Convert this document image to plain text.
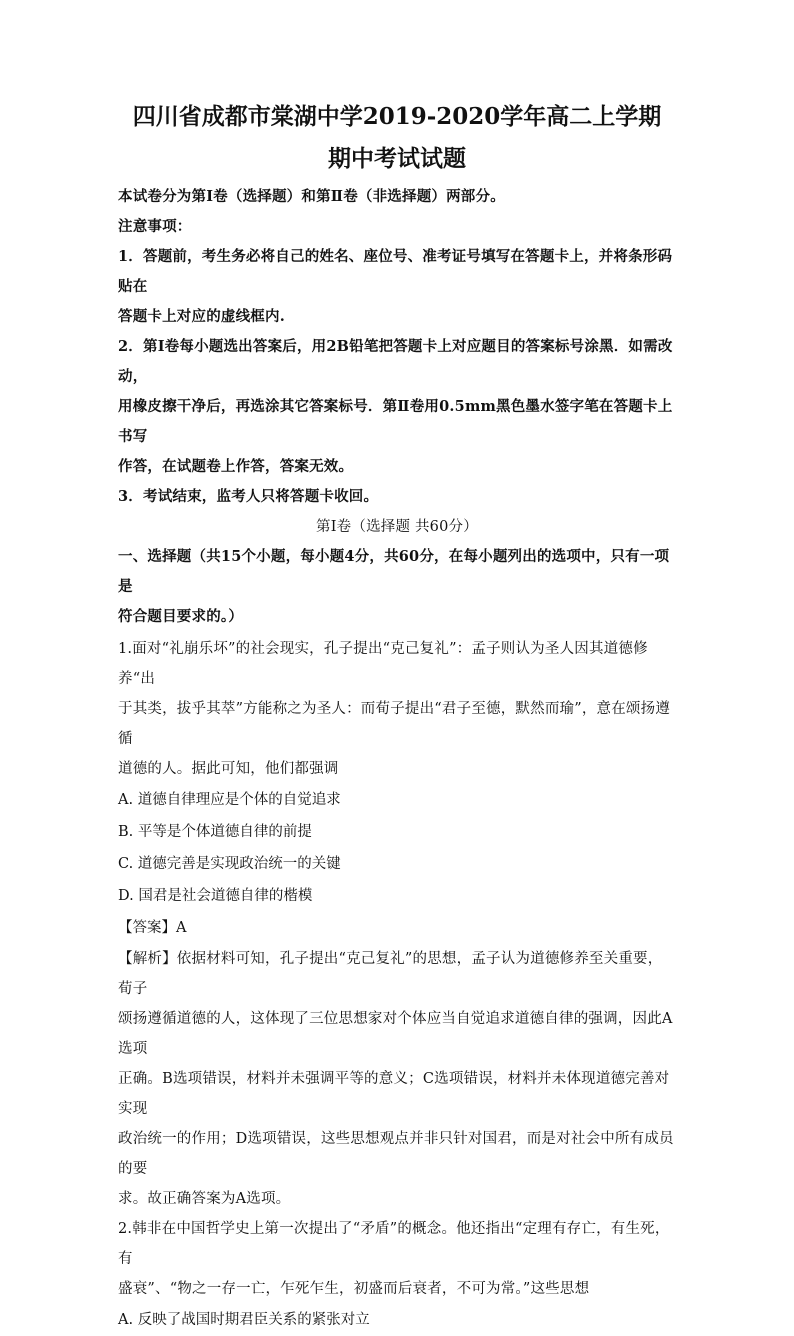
四川省成都市棠湖中学2019-2020学年高二上学期
期中考试试题

本试卷分为第Ⅰ卷（选择题）和第Ⅱ卷（非选择题）两部分。

注意事项：

1．答题前，考生务必将自己的姓名、座位号、准考证号填写在答题卡上，并将条形码贴在

答题卡上对应的虚线框内.

2．第Ⅰ卷每小题选出答案后，用2B铅笔把答题卡上对应题目的答案标号涂黑．如需改动，

用橡皮擦干净后，再选涂其它答案标号．第Ⅱ卷用0.5mm黑色墨水签字笔在答题卡上书写

作答，在试题卷上作答，答案无效。

3．考试结束，监考人只将答题卡收回。

第Ⅰ卷（选择题 共60分）

一、选择题（共15个小题，每小题4分，共60分，在每小题列出的选项中，只有一项是

符合题目要求的。）

1.面对“礼崩乐坏”的社会现实，孔子提出“克己复礼”：孟子则认为圣人因其道德修养“出

于其类，拔乎其萃”方能称之为圣人：而荀子提出“君子至德，默然而瑜”，意在颂扬遵循

道德的人。据此可知，他们都强调

A. 道德自律理应是个体的自觉追求

B. 平等是个体道德自律的前提

C. 道德完善是实现政治统一的关键

D. 国君是社会道德自律的楷模

【答案】A

【解析】依据材料可知，孔子提出“克己复礼”的思想，孟子认为道德修养至关重要，荀子

颂扬遵循道德的人，这体现了三位思想家对个体应当自觉追求道德自律的强调，因此A选项

正确。B选项错误，材料并未强调平等的意义；C选项错误，材料并未体现道德完善对实现

政治统一的作用；D选项错误，这些思想观点并非只针对国君，而是对社会中所有成员的要

求。故正确答案为A选项。

2.韩非在中国哲学史上第一次提出了“矛盾”的概念。他还指出“定理有存亡，有生死，有

盛衰”、“物之一存一亡，乍死乍生，初盛而后衰者，不可为常。”这些思想

A. 反映了战国时期君臣关系的紧张对立
